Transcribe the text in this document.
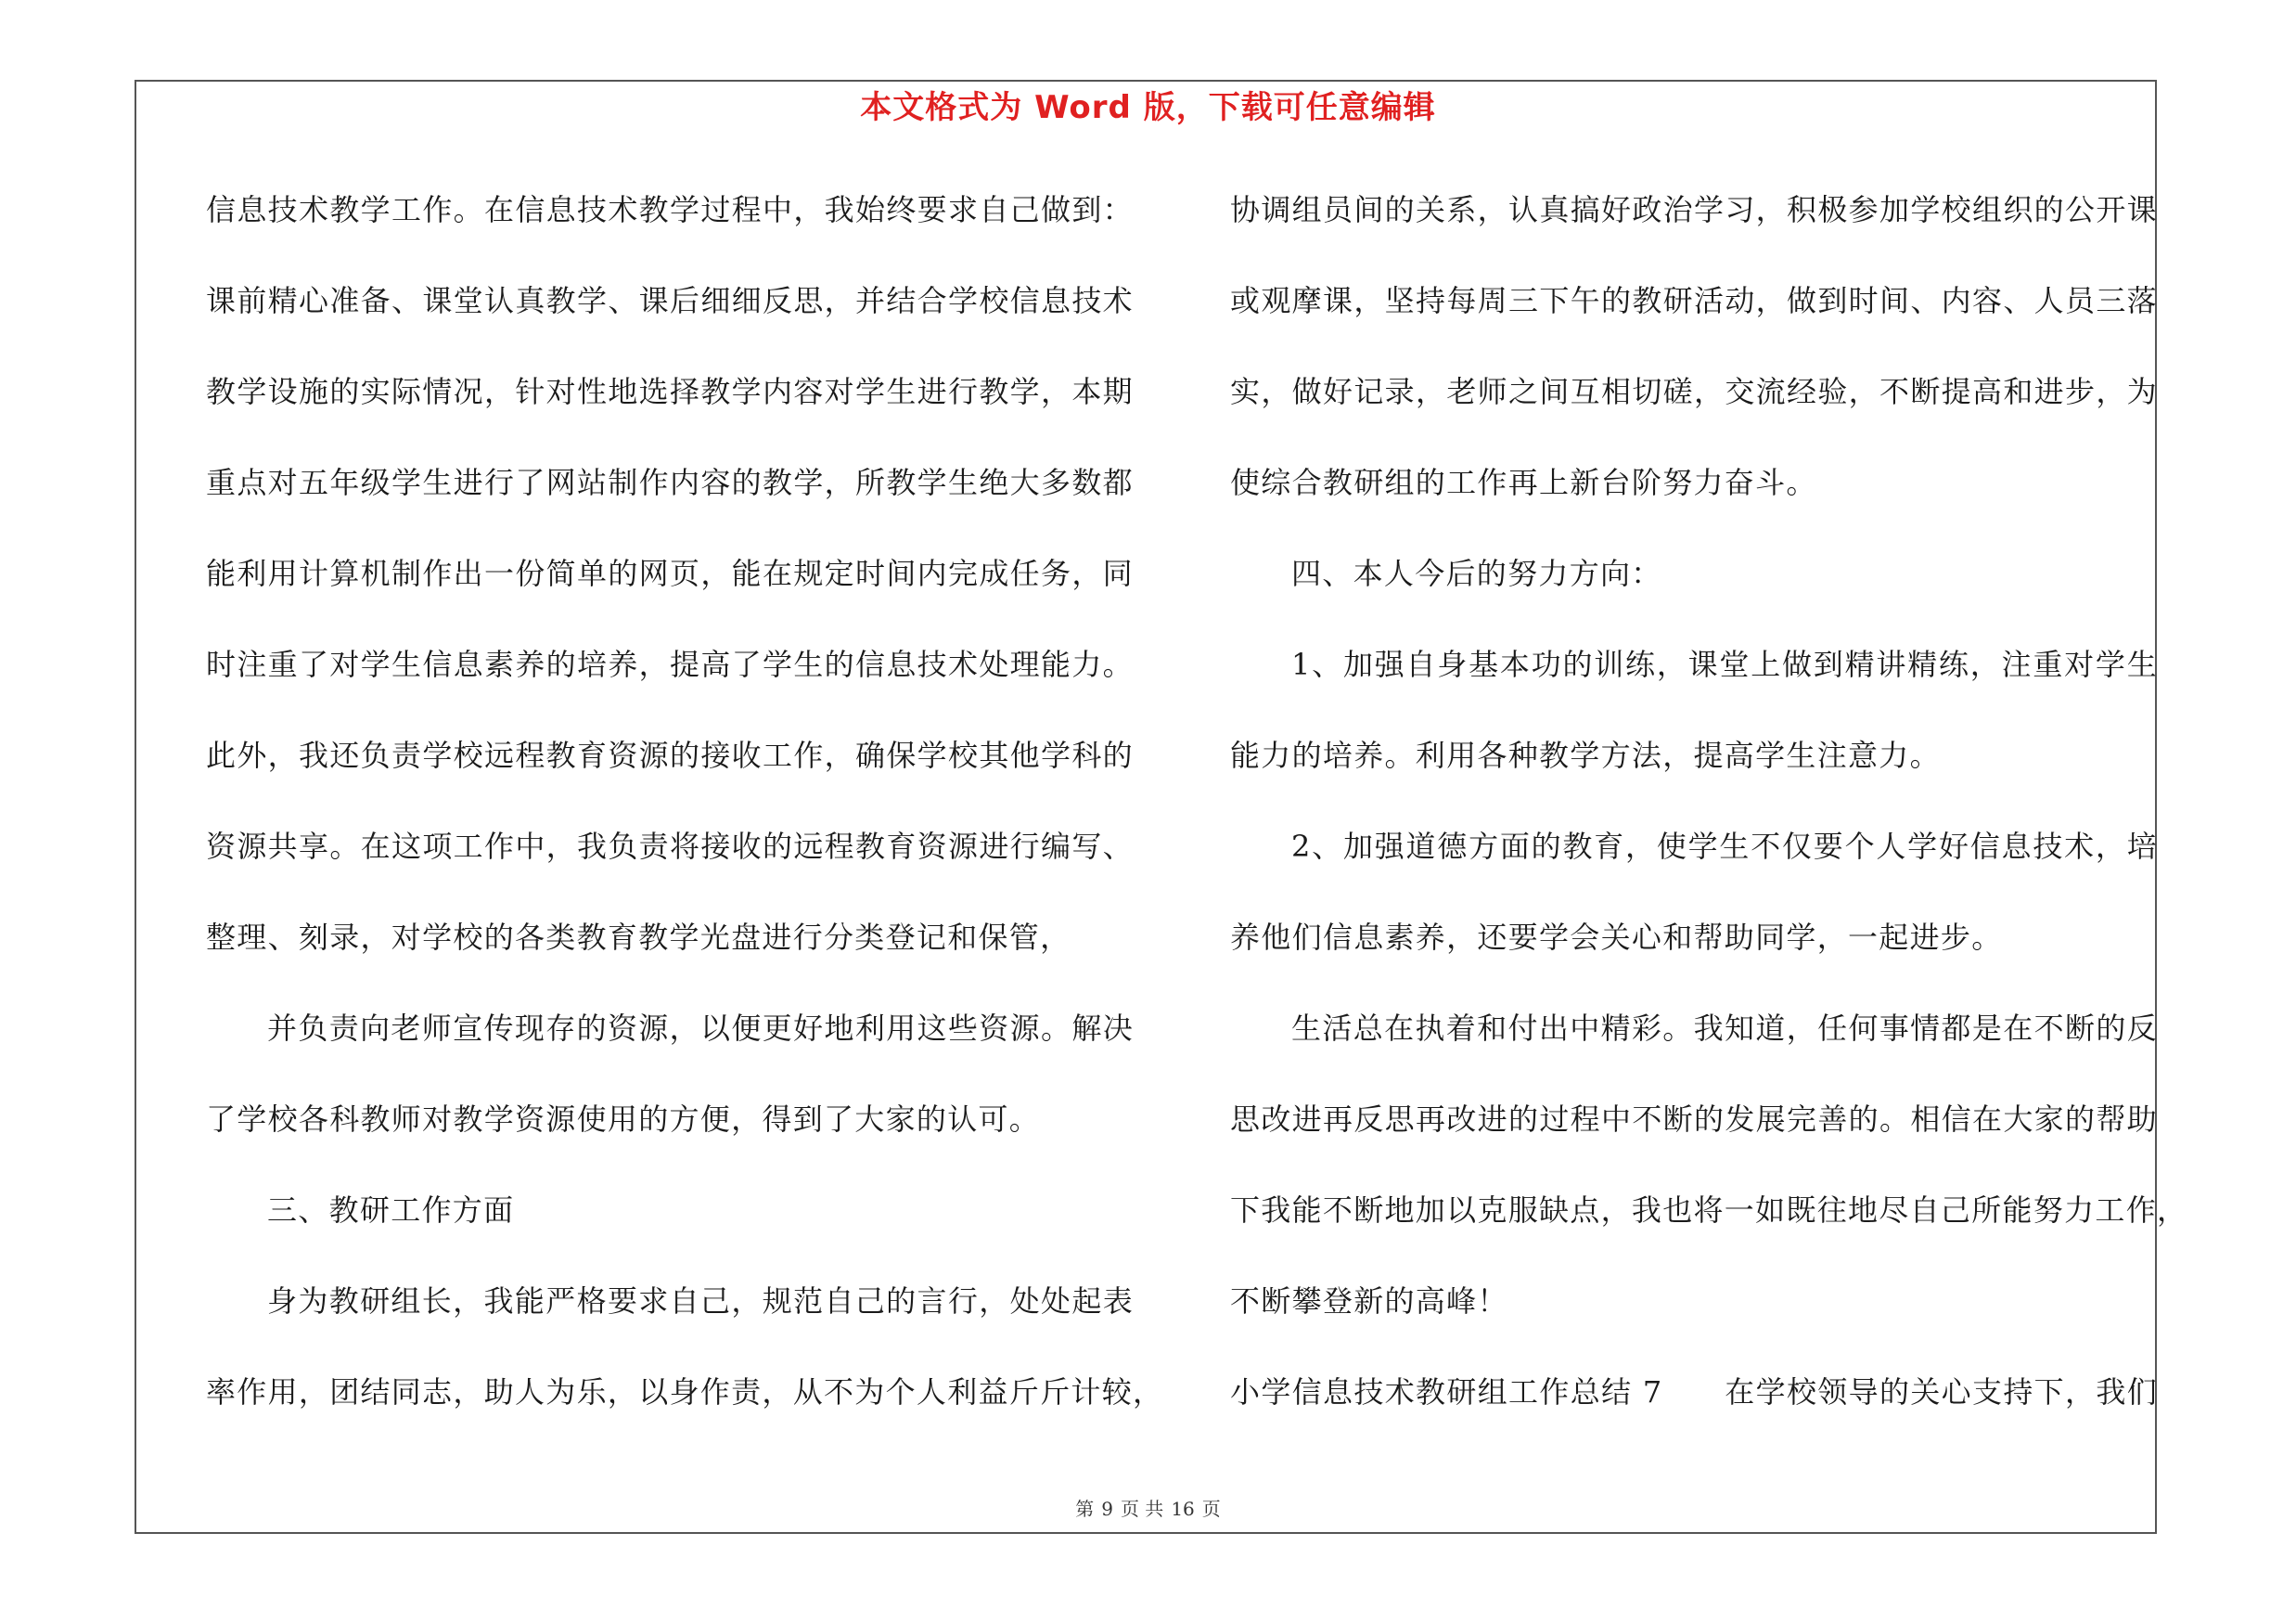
本文格式为 Word 版，下载可任意编辑
信息技术教学工作。在信息技术教学过程中，我始终要求自己做到：
课前精心准备、课堂认真教学、课后细细反思，并结合学校信息技术
教学设施的实际情况，针对性地选择教学内容对学生进行教学，本期
重点对五年级学生进行了网站制作内容的教学，所教学生绝大多数都
能利用计算机制作出一份简单的网页，能在规定时间内完成任务，同
时注重了对学生信息素养的培养，提高了学生的信息技术处理能力。
此外，我还负责学校远程教育资源的接收工作，确保学校其他学科的
资源共享。在这项工作中，我负责将接收的远程教育资源进行编写、
整理、刻录，对学校的各类教育教学光盘进行分类登记和保管，
并负责向老师宣传现存的资源，以便更好地利用这些资源。解决
了学校各科教师对教学资源使用的方便，得到了大家的认可。
三、教研工作方面
身为教研组长，我能严格要求自己，规范自己的言行，处处起表
率作用，团结同志，助人为乐，以身作责，从不为个人利益斤斤计较，
协调组员间的关系，认真搞好政治学习，积极参加学校组织的公开课
或观摩课，坚持每周三下午的教研活动，做到时间、内容、人员三落
实，做好记录，老师之间互相切磋，交流经验，不断提高和进步，为
使综合教研组的工作再上新台阶努力奋斗。
四、本人今后的努力方向：
1、加强自身基本功的训练，课堂上做到精讲精练，注重对学生
能力的培养。利用各种教学方法，提高学生注意力。
2、加强道德方面的教育，使学生不仅要个人学好信息技术，培
养他们信息素养，还要学会关心和帮助同学，一起进步。
生活总在执着和付出中精彩。我知道，任何事情都是在不断的反
思改进再反思再改进的过程中不断的发展完善的。相信在大家的帮助
下我能不断地加以克服缺点，我也将一如既往地尽自己所能努力工作，
不断攀登新的高峰！
小学信息技术教研组工作总结 7　　在学校领导的关心支持下，我们
第 9 页 共 16 页
